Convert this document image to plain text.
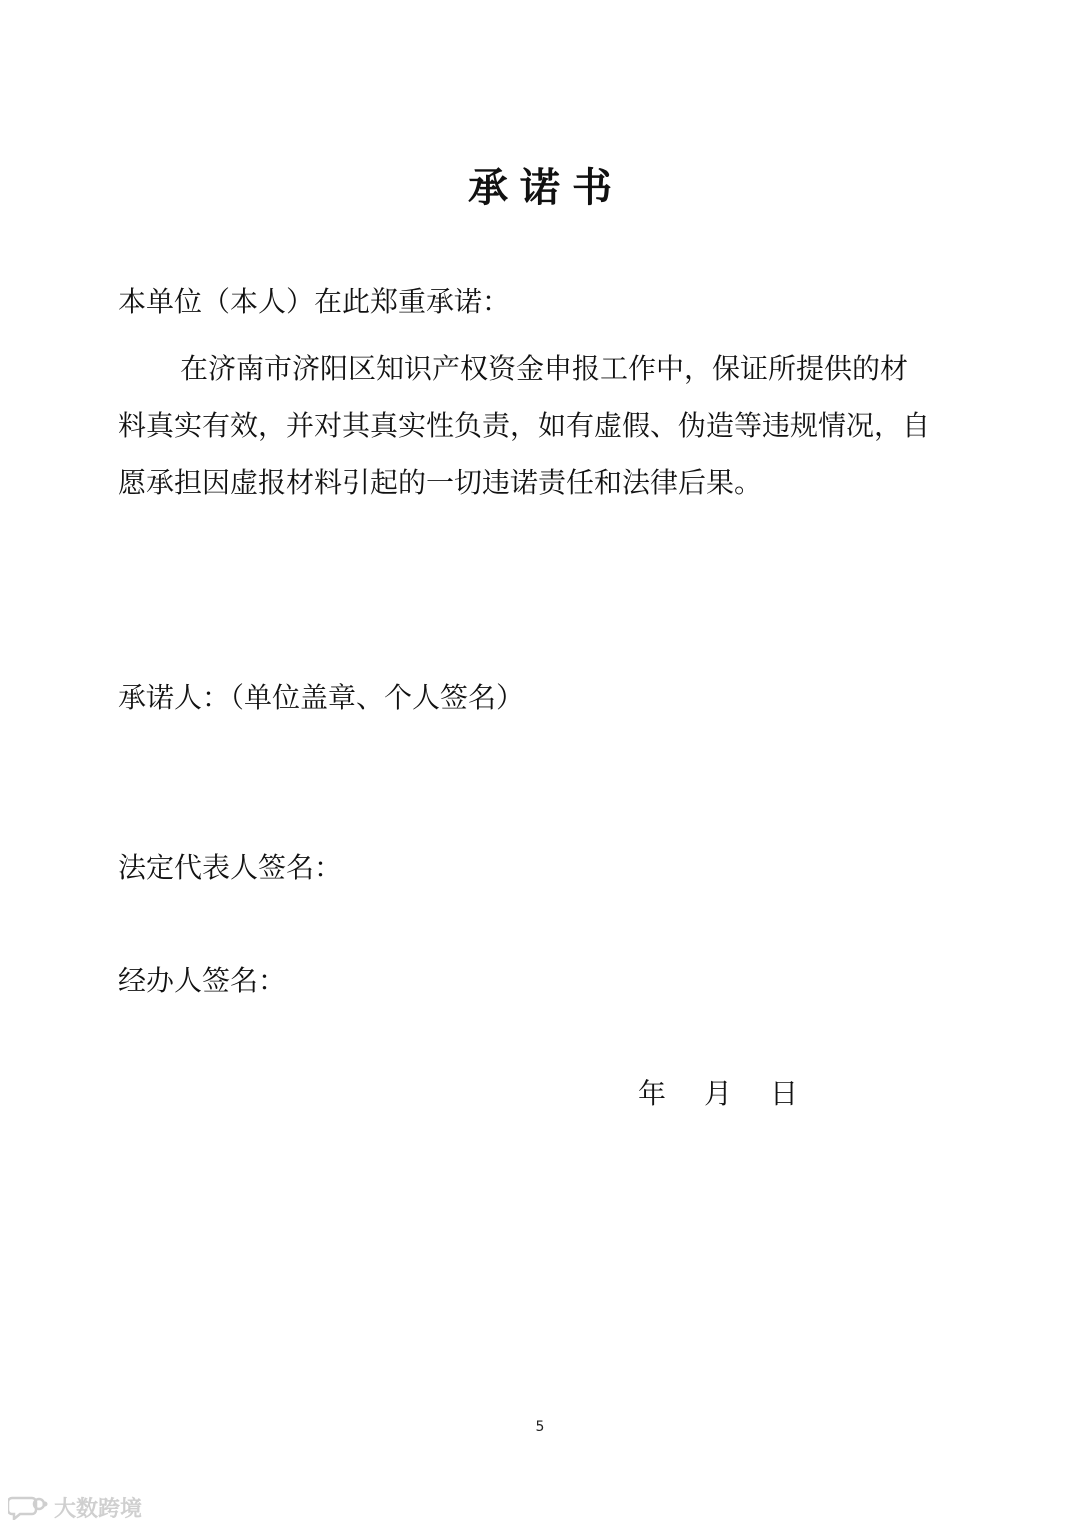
承诺书
本单位（本人）在此郑重承诺：
在济南市济阳区知识产权资金申报工作中，保证所提供的材
料真实有效，并对其真实性负责，如有虚假、伪造等违规情况，自
愿承担因虚报材料引起的一切违诺责任和法律后果。
承诺人：（单位盖章、个人签名）
法定代表人签名：
经办人签名：
年 月 日
5
大数跨境
